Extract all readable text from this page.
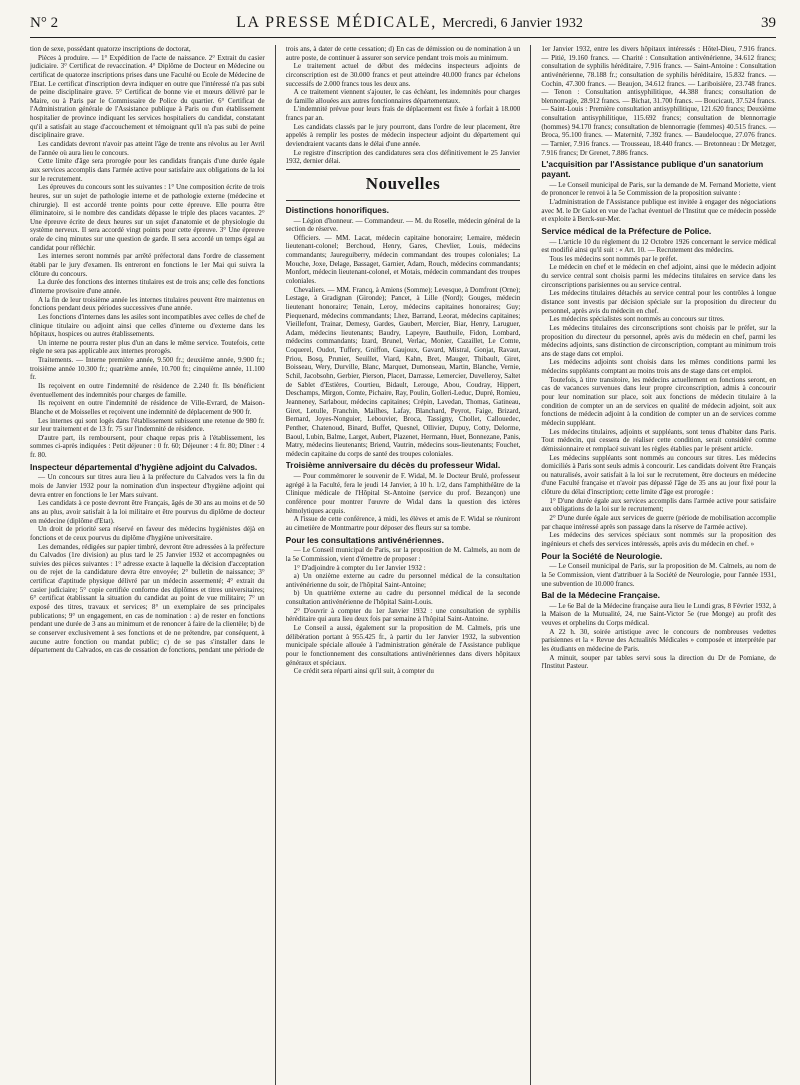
N° 2	LA PRESSE MÉDICALE, Mercredi, 6 Janvier 1932	39

tion de sexe, possédant quatorze inscriptions de doctorat,

Pièces à produire. — 1° Expédition de l'acte de naissance. 2° Extrait du casier judiciaire. 3° Certificat de revaccination. 4° Diplôme de Docteur en Médecine ou certificat de quatorze inscriptions prises dans une Faculté ou Ecole de Médecine de l'Etat. Le certificat d'inscription devra indiquer en outre que l'intéressé n'a pas subi de peine disciplinaire grave. 5° Certificat de bonne vie et mœurs délivré par le Maire, ou à Paris par le Commissaire de Police du quartier. 6° Certificat de l'Administration générale de l'Assistance publique à Paris ou d'un établissement hospitalier de province indiquant les services hospitaliers du candidat, constatant qu'il a satisfait au stage d'accouchement et témoignant qu'il n'a pas subi de peine disciplinaire grave.

Les candidats devront n'avoir pas atteint l'âge de trente ans révolus au 1er Avril de l'année où aura lieu le concours.

Cette limite d'âge sera prorogée pour les candidats français d'une durée égale aux services accomplis dans l'armée active pour satisfaire aux obligations de la loi sur le recrutement.

Les épreuves du concours sont les suivantes : 1° Une composition écrite de trois heures, sur un sujet de pathologie interne et de pathologie externe (médecine et chirurgie). Il est accordé trente points pour cette épreuve. Elle pourra être éliminatoire, si le nombre des candidats dépasse le triple des places vacantes. 2° Une épreuve écrite de deux heures sur un sujet d'anatomie et de physiologie du système nerveux. Il sera accordé vingt points pour cette épreuve. 3° Une épreuve orale de cinq minutes sur une question de garde. Il sera accordé un temps égal au candidat pour réfléchir.

Les internes seront nommés par arrêté préfectoral dans l'ordre de classement établi par le jury d'examen. Ils entreront en fonctions le 1er Mai qui suivra la clôture du concours.

La durée des fonctions des internes titulaires est de trois ans; celle des fonctions d'interne provisoire d'une année.

A la fin de leur troisième année les internes titulaires peuvent être maintenus en fonctions pendant deux périodes successives d'une année.

Les fonctions d'internes dans les asiles sont incompatibles avec celles de chef de clinique titulaire ou adjoint ainsi que celles d'interne ou d'externe dans les hôpitaux, hospices ou autres établissements.

Un interne ne pourra rester plus d'un an dans le même service. Toutefois, cette règle ne sera pas applicable aux internes prorogés.

Traitements. — Interne première année, 9.500 fr.; deuxième année, 9.900 fr.; troisième année 10.300 fr.; quatrième année, 10.700 fr.; cinquième année, 11.100 fr.

Ils reçoivent en outre l'indemnité de résidence de 2.240 fr. Ils bénéficient éventuellement des indemnités pour charges de famille.

Ils reçoivent en outre l'indemnité de résidence de Ville-Evrard, de Maison-Blanche et de Moisselles et reçoivent une indemnité de déplacement de 900 fr.

Les internes qui sont logés dans l'établissement subissent une retenue de 980 fr. sur leur traitement et de 13 fr. 75 sur l'indemnité de résidence.

D'autre part, ils remboursent, pour chaque repas pris à l'établissement, les sommes ci-après indiquées : Petit déjeuner : 0 fr. 60; Déjeuner : 4 fr. 80; Dîner : 4 fr. 80.

Inspecteur départemental d'hygiène adjoint du Calvados.

— Un concours sur titres aura lieu à la préfecture du Calvados vers la fin du mois de Janvier 1932 pour la nomination d'un inspecteur d'hygiène adjoint qui devra entrer en fonctions le 1er Mars suivant.

Les candidats à ce poste devront être Français, âgés de 30 ans au moins et de 50 ans au plus, avoir satisfait à la loi militaire et être pourvus du diplôme de docteur en médecine (diplôme d'Etat).

Un droit de priorité sera réservé en faveur des médecins hygiénistes déjà en fonctions et de ceux pourvus du diplôme d'hygiène universitaire.

Les demandes, rédigées sur papier timbré, devront être adressées à la préfecture du Calvados (1re division) au plus tard le 25 Janvier 1932 et accompagnées ou suivies des pièces suivantes : 1° adresse exacte à laquelle la décision d'acceptation ou de rejet de la candidature devra être envoyée; 2° bulletin de naissance; 3° certificat d'aptitude physique délivré par un médecin assermenté; 4° extrait du casier judiciaire; 5° copie certifiée conforme des diplômes et titres universitaires; 6° certificat établissant la situation du candidat au point de vue militaire; 7° un exposé des titres, travaux et services; 8° un exemplaire de ses principales publications; 9° un engagement, en cas de nomination : a) de rester en fonctions pendant une durée de 3 ans au minimum et de renoncer à faire de la clientèle; b) de se conserver exclusivement à ses fonctions et de ne prétendre, par conséquent, à aucune autre fonction ou mandat public; c) de se pas s'installer dans le département du Calvados, en cas de cessation de fonctions, pendant une période de

trois ans, à dater de cette cessation; d) En cas de démission ou de nomination à un autre poste, de continuer à assurer son service pendant trois mois au minimum.

Le traitement actuel de début des médecins inspecteurs adjoints de circonscription est de 30.000 francs et peut atteindre 40.000 francs par échelons successifs de 2.000 francs tous les deux ans.

A ce traitement viennent s'ajouter, le cas échéant, les indemnités pour charges de famille allouées aux autres fonctionnaires départementaux.

L'indemnité prévue pour leurs frais de déplacement est fixée à forfait à 18.000 francs par an.

Les candidats classés par le jury pourront, dans l'ordre de leur placement, être appelés à remplir les postes de médecin inspecteur adjoint du département qui deviendraient vacants dans le délai d'une année.

Le registre d'inscription des candidatures sera clos définitivement le 25 Janvier 1932, dernier délai.

Nouvelles
Distinctions honorifiques.

— Légion d'honneur. — Commandeur. — M. du Roselle, médecin général de la section de réserve.

Officiers. — MM. Lacat, médecin capitaine honoraire; Lemaire, médecin lieutenant-colonel; Berchoud, Henry, Gares, Chevlier, Louis, médecins commandants; Jaureguiberry, médecin commandant des troupes coloniales; La Mouche, Joxe, Delage, Bassaget, Garnier, Adam, Rouch, médecins commandants; Monfort, médecin lieutenant-colonel, et Motais, médecin commandant des troupes coloniales.

Chevaliers. — MM. Francq, à Amiens (Somme); Levesque, à Domfront (Orne); Lestage, à Gradignan (Gironde); Pancet, à Lille (Nord); Gouges, médecin lieutenant honoraire; Tenain, Leroy, médecins capitaines honoraires; Guy; Piequenard, médecins commandants; Lhez, Barrand, Leorat, médecins capitaines; Vieillefont, Trainar, Demesy, Gardes, Gaubert, Mercier, Biar, Henry, Laruguer, Adam, médecins lieutenants; Baudry, Lapeyre, Bauthuile, Fidon, Lombard, médecins commandants; Izard, Brunel, Verlac, Monier, Cazaillet, Le Comte, Coquerel, Oudot, Tuffery, Gniffon, Gaujoux, Gavard, Mistral, Gonjat, Ravaut, Priou, Bosq, Prunier, Seuillet, Viard, Kahn, Bret, Mauger, Thibault, Giret, Boisseau, Wery, Durville, Blanc, Marquet, Dumonseau, Martin, Blanche, Vernie, Schil, Jacobsohn, Gerbier, Pierson, Placet, Darrasse, Lemercier, Duvelleroy, Saltet de Sablet d'Estières, Courtieu, Bidault, Lerouge, Abou, Coudray, Hippert, Deschamps, Mirgon, Comte, Pichaire, Ray, Poulin, Golleri-Leduc, Dupré, Romieu, Jeanneney, Sarlabour, médecins capitaines; Crépin, Lavedan, Thomas, Gatineau, Giret, Letulle, Franchin, Mailhes, Lafay, Blanchard, Peyrot, Faige, Brizard, Bernard, Joyes-Nonguier, Lebouvier, Broca, Tassigny, Chollet, Callouedec, Penther, Chatenoud, Binard, Buffet, Quesnel, Ollivier, Dupuy, Cotty, Delorme, Baoul, Lubin, Balme, Larget, Aubert, Plazenet, Hermann, Huet, Bonnezane, Panis, Matry, médecins lieutenants; Briend, Vautrin, médecins sous-lieutenants; Fouchet, médecin capitaine du corps de santé des troupes coloniales.

Troisième anniversaire du décès du professeur Widal.

— Pour commémorer le souvenir de F. Widal, M. le Docteur Brulé, professeur agrégé à la Faculté, fera le jeudi 14 Janvier, à 10 h. 1/2, dans l'amphithéâtre de la Clinique médicale de l'Hôpital St-Antoine (service du prof. Bezançon) une conférence pour montrer l'œuvre de Widal dans la question des ictères hémolytiques acquis.

A l'issue de cette conférence, à midi, les élèves et amis de F. Widal se réuniront au cimetière de Montmartre pour déposer des fleurs sur sa tombe.

Pour les consultations antivénériennes.

— Le Conseil municipal de Paris, sur la proposition de M. Calmels, au nom de la 5e Commission, vient d'émettre de proposer :

1° D'adjoindre à compter du 1er Janvier 1932 :

a) Un onzième externe au cadre du personnel médical de la consultation antivénérienne du soir, de l'hôpital Saint-Antoine;

b) Un quatrième externe au cadre du personnel médical de la seconde consultation antivénérienne de l'hôpital Saint-Louis.

2° D'ouvrir à compter du 1er Janvier 1932 : une consultation de syphilis héréditaire qui aura lieu deux fois par semaine à l'hôpital Saint-Antoine.

Le Conseil a aussi, également sur la proposition de M. Calmels, pris une délibération portant à 955.425 fr., à partir du 1er Janvier 1932, la subvention municipale spéciale allouée à l'administration générale de l'Assistance publique pour le fonctionnement des consultations antivénériennes dans divers hôpitaux généraux et spéciaux.

Ce crédit sera réparti ainsi qu'il suit, à compter du

1er Janvier 1932, entre les divers hôpitaux intéressés : Hôtel-Dieu, 7.916 francs. — Pitié, 19.160 francs. — Charité : Consultation antivénérienne, 34.612 francs; consultation de syphilis héréditaire, 7.916 francs. — Saint-Antoine : Consultation antivénérienne, 78.188 fr.; consultation de syphilis héréditaire, 15.832 francs. — Cochin, 47.300 francs. — Beaujon, 34.612 francs. — Lariboisière, 23.748 francs. — Tenon : Consultation antisyphilitique, 44.388 francs; consultation de blennorragie, 28.912 francs. — Bichat, 31.700 francs. — Boucicaut, 37.524 francs. — Saint-Louis : Première consultation antisyphilitique, 121.620 francs; Deuxième consultation antisyphilitique, 115.692 francs; consultation de blennorragie (hommes) 94.170 francs; consultation de blennorragie (femmes) 40.515 francs. — Broca, 95.100 francs. — Maternité, 7.392 francs. — Baudelocque, 27.076 francs. — Tarnier, 7.916 francs. — Trousseau, 18.440 francs. — Bretonneau : Dr Metzger, 7.916 francs; Dr Grenet, 7.886 francs.

L'acquisition par l'Assistance publique d'un sanatorium payant.

— Le Conseil municipal de Paris, sur la demande de M. Fernand Moriette, vient de prononcer le renvoi à la 5e Commission de la proposition suivante :

L'administration de l'Assistance publique est invitée à engager des négociations avec M. le Dr Galot en vue de l'achat éventuel de l'Institut que ce médecin possède et exploite à Berck-sur-Mer.

Service médical de la Préfecture de Police.

— L'article 10 du règlement du 12 Octobre 1926 concernant le service médical est modifié ainsi qu'il suit : « Art. 10. — Recrutement des médecins.

Tous les médecins sont nommés par le préfet.

Le médecin en chef et le médecin en chef adjoint, ainsi que le médecin adjoint du service central sont choisis parmi les médecins titulaires en service dans les circonscriptions parisiennes ou au service central.

Les médecins titulaires détachés au service central pour les contrôles à longue distance sont investis par décision spéciale sur la proposition du directeur du personnel, après avis du médecin en chef.

Les médecins spécialistes sont nommés au concours sur titres.

Les médecins titulaires des circonscriptions sont choisis par le préfet, sur la proposition du directeur du personnel, après avis du médecin en chef, parmi les médecins adjoints, sans distinction de circonscription, comptant au minimum trois ans de stage dans cet emploi.

Les médecins adjoints sont choisis dans les mêmes conditions parmi les médecins suppléants comptant au moins trois ans de stage dans cet emploi.

Toutefois, à titre transitoire, les médecins actuellement en fonctions seront, en cas de vacances survenues dans leur propre circonscription, admis à concourir pour leur nomination sur place, soit aux fonctions de médecin titulaire à la condition de compter un an de services en qualité de médecin adjoint, soit aux fonctions de médecin adjoint à la condition de compter un an de services comme médecin suppléant.

Les médecins titulaires, adjoints et suppléants, sont tenus d'habiter dans Paris. Tout médecin, qui cessera de réaliser cette condition, serait considéré comme démissionnaire et remplacé suivant les règles établies par le présent article.

Les médecins suppléants sont nommés au concours sur titres. Les médecins domiciliés à Paris sont seuls admis à concourir. Les candidats doivent être Français ou naturalisés, avoir satisfait à la loi sur le recrutement, être docteurs en médecine d'une Faculté française et n'avoir pas dépassé l'âge de 35 ans au jour fixé pour la clôture du délai d'inscription; cette limite d'âge est prorogée :

1° D'une durée égale aux services accomplis dans l'armée active pour satisfaire aux obligations de la loi sur le recrutement;

2° D'une durée égale aux services de guerre (période de mobilisation accomplie par chaque intéressé après son passage dans la réserve de l'armée active).

Les médecins des services spéciaux sont nommés sur la proposition des ingénieurs et chefs des services intéressés, après avis du médecin en chef. »

Pour la Société de Neurologie.

— Le Conseil municipal de Paris, sur la proposition de M. Calmels, au nom de la 5e Commission, vient d'attribuer à la Société de Neurologie, pour l'année 1931, une subvention de 10.000 francs.

Bal de la Médecine Française.

— Le 6e Bal de la Médecine française aura lieu le Lundi gras, 8 Février 1932, à la Maison de la Mutualité, 24, rue Saint-Victor 5e (rue Monge) au profit des veuves et orphelins du Corps médical.

A 22 h. 30, soirée artistique avec le concours de nombreuses vedettes parisiennes et la « Revue des Actualités Médicales » composée et interprétée par les étudiants en médecine de Paris.

A minuit, souper par tables servi sous la direction du Dr de Pomiane, de l'Institut Pasteur.
